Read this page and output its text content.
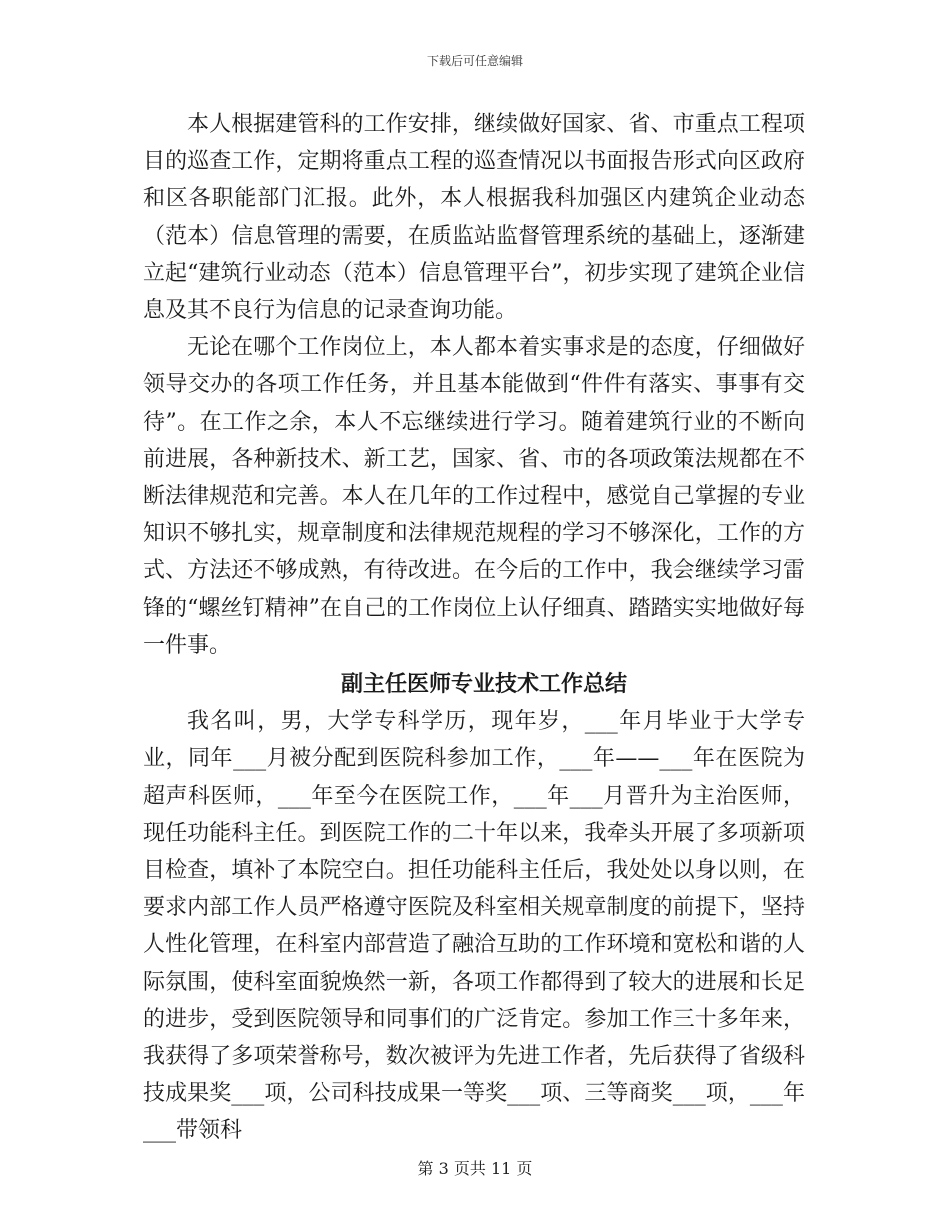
下载后可任意编辑

本人根据建管科的工作安排，继续做好国家、省、市重点工程项目的巡查工作，定期将重点工程的巡查情况以书面报告形式向区政府和区各职能部门汇报。此外，本人根据我科加强区内建筑企业动态（范本）信息管理的需要，在质监站监督管理系统的基础上，逐渐建立起“建筑行业动态（范本）信息管理平台”，初步实现了建筑企业信息及其不良行为信息的记录查询功能。

无论在哪个工作岗位上，本人都本着实事求是的态度，仔细做好领导交办的各项工作任务，并且基本能做到“件件有落实、事事有交待”。在工作之余，本人不忘继续进行学习。随着建筑行业的不断向前进展，各种新技术、新工艺，国家、省、市的各项政策法规都在不断法律规范和完善。本人在几年的工作过程中，感觉自己掌握的专业知识不够扎实，规章制度和法律规范规程的学习不够深化，工作的方式、方法还不够成熟，有待改进。在今后的工作中，我会继续学习雷锋的“螺丝钉精神”在自己的工作岗位上认仔细真、踏踏实实地做好每一件事。

副主任医师专业技术工作总结

我名叫，男，大学专科学历，现年岁，___年月毕业于大学专业，同年___月被分配到医院科参加工作，___年——___年在医院为超声科医师，___年至今在医院工作，___年___月晋升为主治医师，现任功能科主任。到医院工作的二十年以来，我牵头开展了多项新项目检查，填补了本院空白。担任功能科主任后，我处处以身以则，在要求内部工作人员严格遵守医院及科室相关规章制度的前提下，坚持人性化管理，在科室内部营造了融洽互助的工作环境和宽松和谐的人际氛围，使科室面貌焕然一新，各项工作都得到了较大的进展和长足的进步，受到医院领导和同事们的广泛肯定。参加工作三十多年来，我获得了多项荣誉称号，数次被评为先进工作者，先后获得了省级科技成果奖___项，公司科技成果一等奖___项、三等商奖___项，___年___带领科

第 3 页共 11 页
